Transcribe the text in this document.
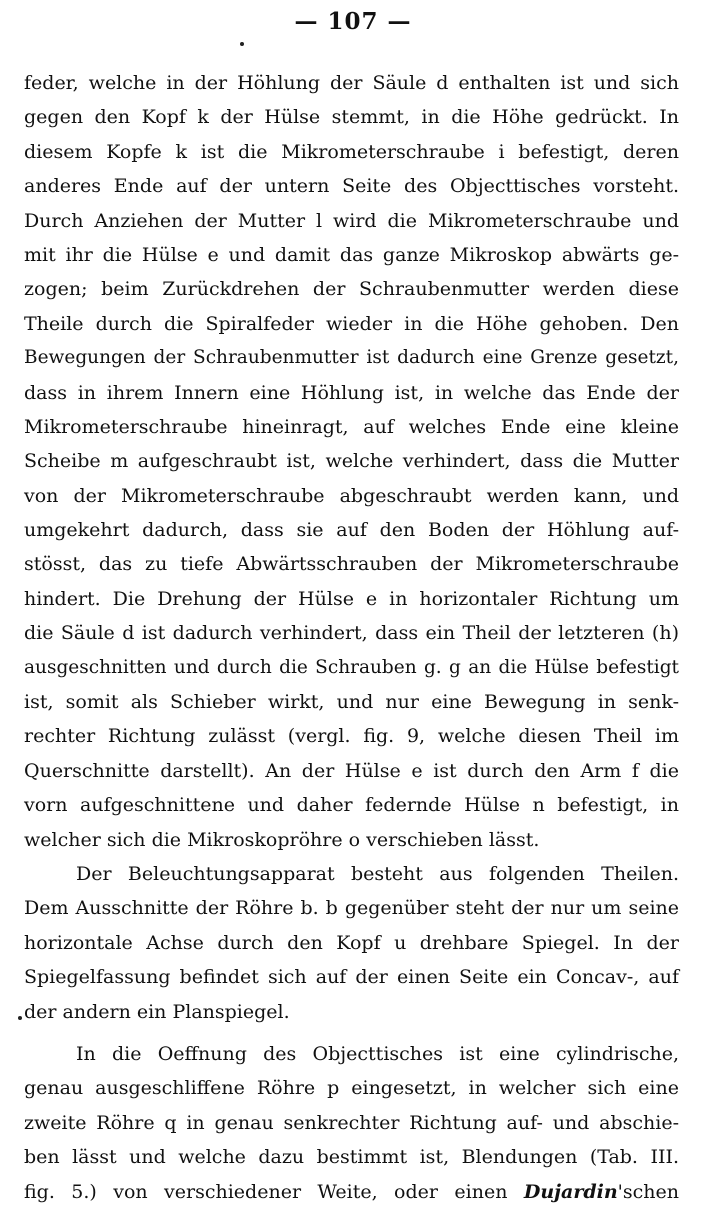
— 107 —
feder, welche in der Höhlung der Säule d enthalten ist und sich
gegen den Kopf k der Hülse stemmt, in die Höhe gedrückt. In
diesem Kopfe k ist die Mikrometerschraube i befestigt, deren
anderes Ende auf der untern Seite des Objecttisches vorsteht.
Durch Anziehen der Mutter l wird die Mikrometerschraube und
mit ihr die Hülse e und damit das ganze Mikroskop abwärts ge-
zogen; beim Zurückdrehen der Schraubenmutter werden diese
Theile durch die Spiralfeder wieder in die Höhe gehoben. Den
Bewegungen der Schraubenmutter ist dadurch eine Grenze gesetzt,
dass in ihrem Innern eine Höhlung ist, in welche das Ende der
Mikrometerschraube hineinragt, auf welches Ende eine kleine
Scheibe m aufgeschraubt ist, welche verhindert, dass die Mutter
von der Mikrometerschraube abgeschraubt werden kann, und
umgekehrt dadurch, dass sie auf den Boden der Höhlung auf-
stösst, das zu tiefe Abwärtsschrauben der Mikrometerschraube
hindert. Die Drehung der Hülse e in horizontaler Richtung um
die Säule d ist dadurch verhindert, dass ein Theil der letzteren (h)
ausgeschnitten und durch die Schrauben g. g an die Hülse befestigt
ist, somit als Schieber wirkt, und nur eine Bewegung in senk-
rechter Richtung zulässt (vergl. fig. 9, welche diesen Theil im
Querschnitte darstellt). An der Hülse e ist durch den Arm f die
vorn aufgeschnittene und daher federnde Hülse n befestigt, in
welcher sich die Mikroskopröhre o verschieben lässt.
Der Beleuchtungsapparat besteht aus folgenden Theilen.
Dem Ausschnitte der Röhre b. b gegenüber steht der nur um seine
horizontale Achse durch den Kopf u drehbare Spiegel. In der
Spiegelfassung befindet sich auf der einen Seite ein Concav-, auf
der andern ein Planspiegel.
In die Oeffnung des Objecttisches ist eine cylindrische,
genau ausgeschliffene Röhre p eingesetzt, in welcher sich eine
zweite Röhre q in genau senkrechter Richtung auf- und abschie-
ben lässt und welche dazu bestimmt ist, Blendungen (Tab. III.
fig. 5.) von verschiedener Weite, oder einen Dujardin'schen
